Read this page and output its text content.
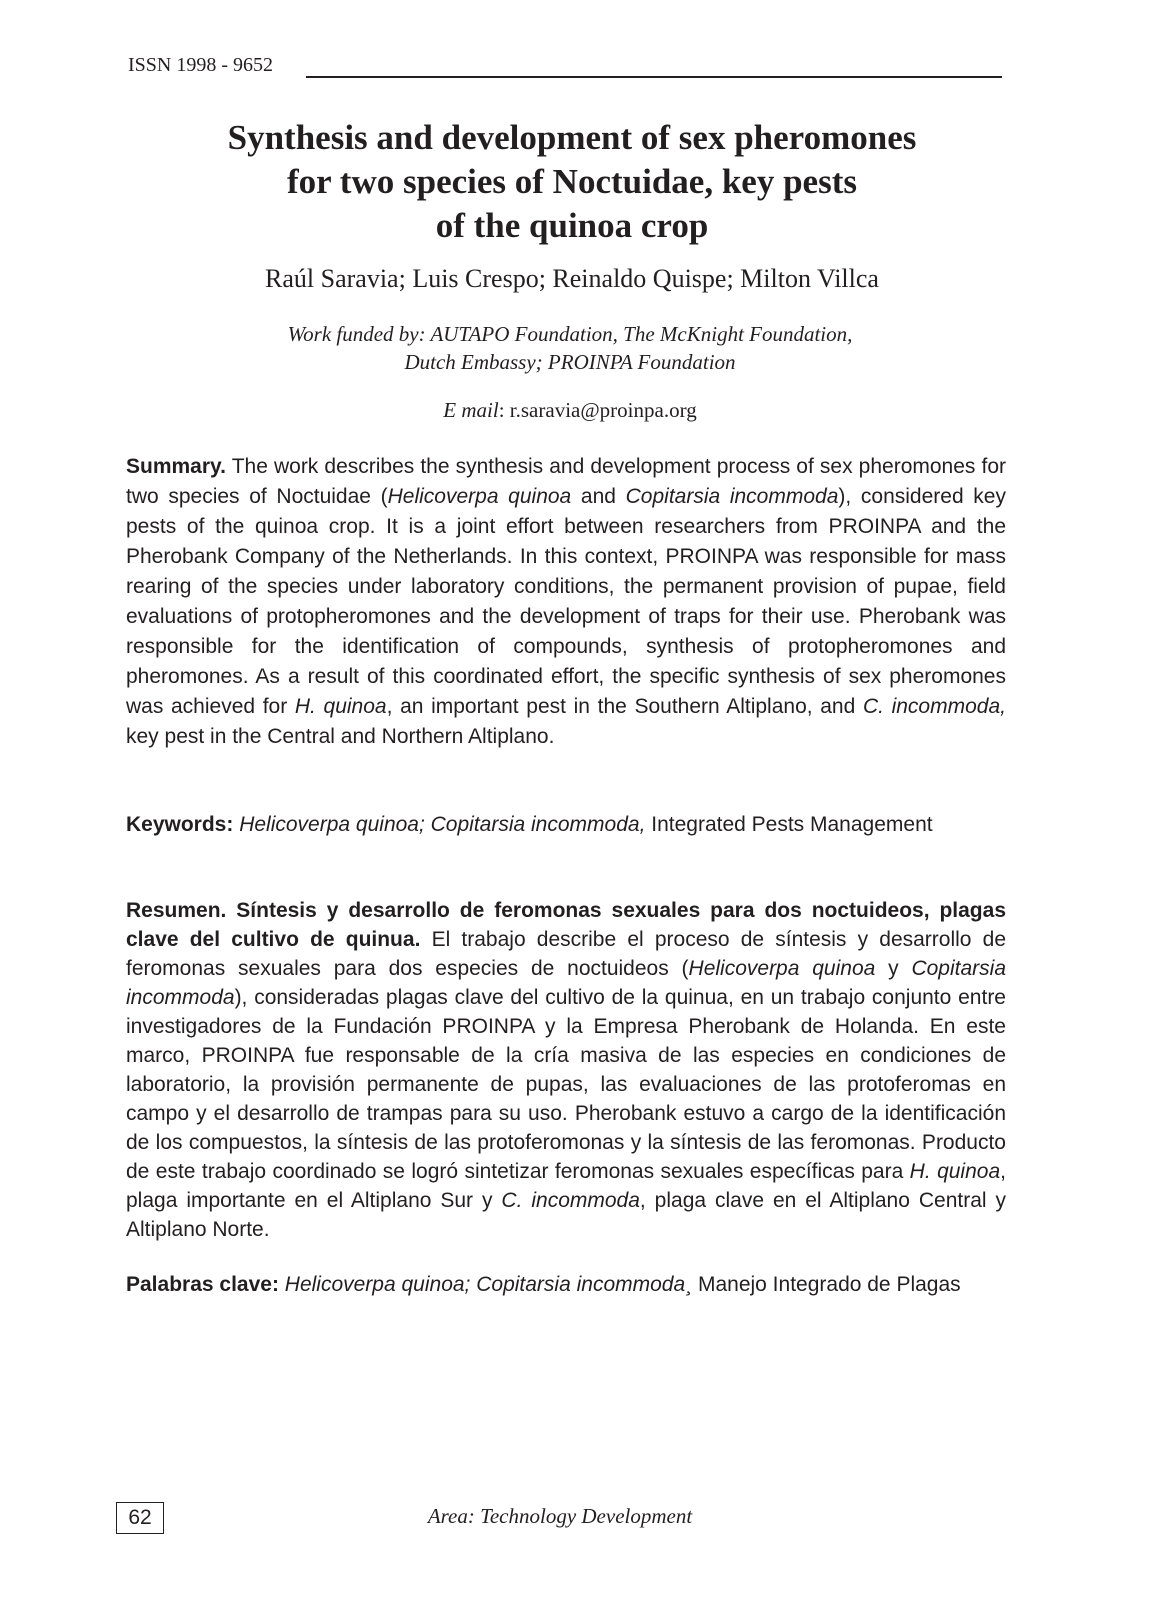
ISSN 1998 - 9652
Synthesis and development of sex pheromones
for two species of Noctuidae, key pests
of the quinoa crop
Raúl Saravia; Luis Crespo; Reinaldo Quispe; Milton Villca
Work funded by: AUTAPO Foundation, The McKnight Foundation,
Dutch Embassy; PROINPA Foundation
E mail: r.saravia@proinpa.org

Summary. The work describes the synthesis and development process of sex pheromones for two species of Noctuidae (Helicoverpa quinoa and Copitarsia incommoda), considered key pests of the quinoa crop. It is a joint effort between researchers from PROINPA and the Pherobank Company of the Netherlands. In this context, PROINPA was responsible for mass rearing of the species under laboratory conditions, the permanent provision of pupae, field evaluations of protopheromones and the development of traps for their use. Pherobank was responsible for the identification of compounds, synthesis of protopheromones and pheromones. As a result of this coordinated effort, the specific synthesis of sex pheromones was achieved for H. quinoa, an important pest in the Southern Altiplano, and C. incommoda, key pest in the Central and Northern Altiplano.

Keywords: Helicoverpa quinoa; Copitarsia incommoda, Integrated Pests Management

Resumen. Síntesis y desarrollo de feromonas sexuales para dos noctuideos, plagas clave del cultivo de quinua. El trabajo describe el proceso de síntesis y desarrollo de feromonas sexuales para dos especies de noctuideos (Helicoverpa quinoa y Copitarsia incommoda), consideradas plagas clave del cultivo de la quinua, en un trabajo conjunto entre investigadores de la Fundación PROINPA y la Empresa Pherobank de Holanda. En este marco, PROINPA fue responsable de la cría masiva de las especies en condiciones de laboratorio, la provisión permanente de pupas, las evaluaciones de las protoferomas en campo y el desarrollo de trampas para su uso. Pherobank estuvo a cargo de la identificación de los compuestos, la síntesis de las protoferomonas y la síntesis de las feromonas. Producto de este trabajo coordinado se logró sintetizar feromonas sexuales específicas para H. quinoa, plaga importante en el Altiplano Sur y C. incommoda, plaga clave en el Altiplano Central y Altiplano Norte.

Palabras clave: Helicoverpa quinoa; Copitarsia incommoda¸ Manejo Integrado de Plagas

62	Area: Technology Development
